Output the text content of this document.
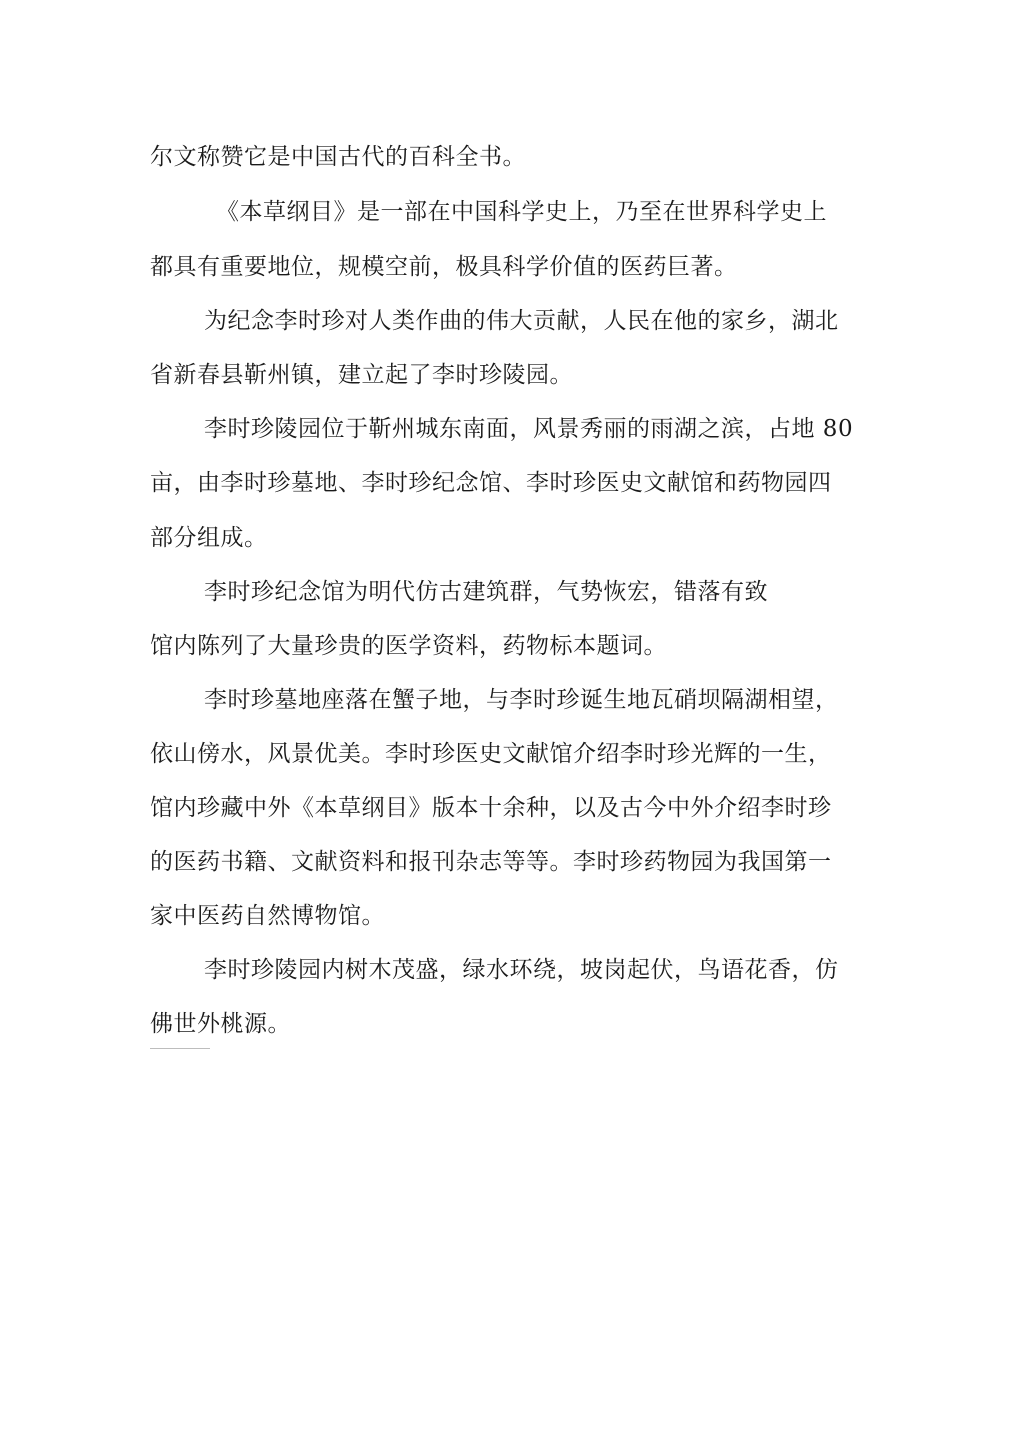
尔文称赞它是中国古代的百科全书。
《本草纲目》是一部在中国科学史上，乃至在世界科学史上
都具有重要地位，规模空前，极具科学价值的医药巨著。
为纪念李时珍对人类作曲的伟大贡献，人民在他的家乡，湖北
省新春县靳州镇，建立起了李时珍陵园。
李时珍陵园位于靳州城东南面，风景秀丽的雨湖之滨，占地 80
亩，由李时珍墓地、李时珍纪念馆、李时珍医史文献馆和药物园四
部分组成。
李时珍纪念馆为明代仿古建筑群，气势恢宏，错落有致
馆内陈列了大量珍贵的医学资料，药物标本题词。
李时珍墓地座落在蟹子地，与李时珍诞生地瓦硝坝隔湖相望，
依山傍水，风景优美。李时珍医史文献馆介绍李时珍光辉的一生，
馆内珍藏中外《本草纲目》版本十余种，以及古今中外介绍李时珍
的医药书籍、文献资料和报刊杂志等等。李时珍药物园为我国第一
家中医药自然博物馆。
李时珍陵园内树木茂盛，绿水环绕，坡岗起伏，鸟语花香，仿
佛世外桃源。
